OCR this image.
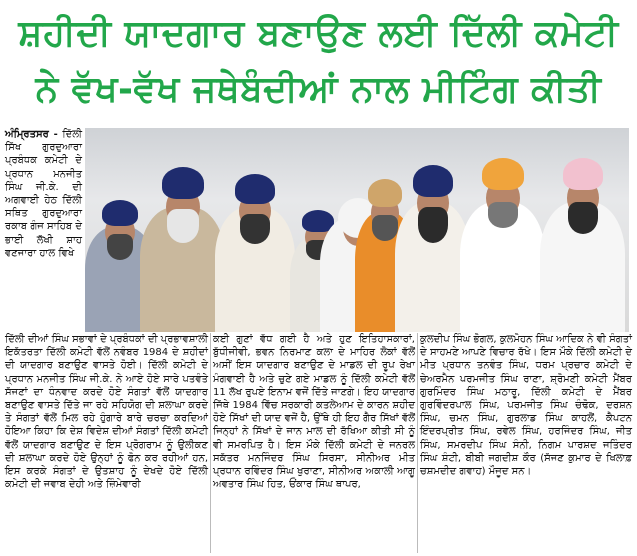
ਸ਼ਹੀਦੀ ਯਾਦਗਾਰ ਬਣਾਉਣ ਲਈ ਦਿੱਲੀ ਕਮੇਟੀ
ਨੇ ਵੱਖ-ਵੱਖ ਜਥੇਬੰਦੀਆਂ ਨਾਲ ਮੀਟਿੰਗ ਕੀਤੀ
ਅੰਮ੍ਰਿਤਸਰ - ਦਿੱਲੀ ਸਿੱਖ ਗੁਰਦੁਆਰਾ ਪ੍ਰਬੰਧਕ ਕਮੇਟੀ ਦੇ ਪ੍ਰਧਾਨ ਮਨਜੀਤ ਸਿੰਘ ਜੀ.ਕੇ. ਦੀ ਅਗਵਾਈ ਹੇਠ ਦਿੱਲੀ ਸਥਿਤ ਗੁਰਦੁਆਰਾ ਰਕਾਬ ਗੰਜ ਸਾਹਿਬ ਦੇ ਭਾਈ ਲੱਖੀ ਸ਼ਾਹ ਵਣਜਾਰਾ ਹਾਲ ਵਿਖੇ
ਦਿੱਲੀ ਦੀਆਂ ਸਿੰਘ ਸਭਾਵਾਂ ਦੇ ਪ੍ਰਬੰਧਕਾਂ ਦੀ ਪ੍ਰਭਾਵਸ਼ਾਲੀ ਇਕੱਤਰਤਾ ਦਿੱਲੀ ਕਮੇਟੀ ਵੱਲੋਂ ਨਵੰਬਰ 1984 ਦੇ ਸ਼ਹੀਦਾਂ ਦੀ ਯਾਦਗਾਰ ਬਣਾਉਣ ਵਾਸਤੇ ਹੋਈ। ਦਿੱਲੀ ਕਮੇਟੀ ਦੇ ਪ੍ਰਧਾਨ ਮਨਜੀਤ ਸਿੰਘ ਜੀ.ਕੇ. ਨੇ ਆਏ ਹੋਏ ਸਾਰੇ ਪਤਵੰਤੇ ਸੱਜਣਾਂ ਦਾ ਧੰਨਵਾਦ ਕਰਦੇ ਹੋਏ ਸੰਗਤਾਂ ਵੱਲੋਂ ਯਾਦਗਾਰ ਬਣਾਉਣ ਵਾਸਤੇ ਦਿੱਤੇ ਜਾ ਰਹੇ ਸਹਿਯੋਗ ਦੀ ਸ਼ਲਾਘਾ ਕਰਦੇ ਤੇ ਸੰਗਤਾਂ ਵੱਲੋਂ ਮਿਲ ਰਹੇ ਹੁੰਗਾਰੇ ਬਾਰੇ ਚਰਚਾ ਕਰਦਿਆਂ ਹੋਇਆ ਕਿਹਾ ਕਿ ਦੇਸ਼ ਵਿਦੇਸ਼ ਦੀਆਂ ਸੰਗਤਾਂ ਦਿੱਲੀ ਕਮੇਟੀ ਵੱਲੋਂ ਯਾਦਗਾਰ ਬਣਾਉਣ ਦੇ ਇਸ ਪ੍ਰੋਗਰਾਮ ਨੂੰ ਉਲੀਕਣ ਦੀ ਸ਼ਲਾਘਾ ਕਰਦੇ ਹੋਏ ਉਨ੍ਹਾਂ ਨੂੰ ਫੋਨ ਕਰ ਰਹੀਆਂ ਹਨ, ਇਸ ਕਰਕੇ ਸੰਗਤਾਂ ਦੇ ਉਤਸ਼ਾਹ ਨੂੰ ਦੇਖਦੇ ਹੋਏ ਦਿੱਲੀ ਕਮੇਟੀ ਦੀ ਜਵਾਬ ਦੇਹੀ ਅਤੇ ਜ਼ਿੰਮੇਵਾਰੀ
ਕਈ ਗੁਣਾਂ ਵੱਧ ਗਈ ਹੈ ਅਤੇ ਹੁਣ ਇਤਿਹਾਸਕਾਰਾਂ, ਬੁੱਧੀਜੀਵੀ, ਭਵਨ ਨਿਰਮਾਣ ਕਲਾ ਦੇ ਮਾਹਿਰ ਲੋਕਾਂ ਵੱਲੋਂ ਅਸੀਂ ਇਸ ਯਾਦਗਾਰ ਬਣਾਉਣ ਦੇ ਮਾਡਲ ਦੀ ਰੂਪ ਰੇਖਾ ਮੰਗਵਾਈ ਹੈ ਅਤੇ ਚੁਣੇ ਗਏ ਮਾਡਲ ਨੂੰ ਦਿੱਲੀ ਕਮੇਟੀ ਵੱਲੋਂ 11 ਲੱਖ ਰੁਪਏ ਇਨਾਮ ਵਜੋਂ ਦਿੱਤੇ ਜਾਣਗੇ। ਇਹ ਯਾਦਗਾਰ ਜਿੱਥੇ 1984 ਵਿੱਚ ਸਰਕਾਰੀ ਕਤਲੇਆਮ ਦੇ ਕਾਰਨ ਸ਼ਹੀਦ ਹੋਏ ਸਿੱਖਾਂ ਦੀ ਯਾਦ ਵਜੋਂ ਹੈ, ਉੱਥੇ ਹੀ ਇਹ ਗੈਰ ਸਿੱਖਾਂ ਵੱਲੋਂ ਜਿਨ੍ਹਾਂ ਨੇ ਸਿੱਖਾਂ ਦੇ ਜਾਨ ਮਾਲ ਦੀ ਰੱਖਿਆ ਕੀਤੀ ਸੀ ਨੂੰ ਵੀ ਸਮਰਪਿਤ ਹੈ। ਇਸ ਮੌਕੇ ਦਿੱਲੀ ਕਮੇਟੀ ਦੇ ਜਨਰਲ ਸਕੱਤਰ ਮਨਜਿੰਦਰ ਸਿੰਘ ਸਿਰਸਾ, ਸੀਨੀਅਰ ਮੀਤ ਪ੍ਰਧਾਨ ਰਵਿੰਦਰ ਸਿੰਘ ਖੁਰਾਣਾ, ਸੀਨੀਅਰ ਅਕਾਲੀ ਆਗੂ ਅਵਤਾਰ ਸਿੰਘ ਹਿਤ, ਓਂਕਾਰ ਸਿੰਘ ਥਾਪਰ,
ਕੁਲਦੀਪ ਸਿੰਘ ਭੋਗਲ, ਕੁਲਮੋਹਨ ਸਿੰਘ ਆਦਿਕ ਨੇ ਵੀ ਸੰਗਤਾਂ ਦੇ ਸਾਹਮਣੇ ਆਪਣੇ ਵਿਚਾਰ ਰੱਖੇ। ਇਸ ਮੌਕੇ ਦਿੱਲੀ ਕਮੇਟੀ ਦੇ ਮੀਤ ਪ੍ਰਧਾਨ ਤਨਵੰਤ ਸਿੰਘ, ਧਰਮ ਪ੍ਰਚਾਰ ਕਮੇਟੀ ਦੇ ਚੇਅਰਮੈਨ ਪਰਮਜੀਤ ਸਿੰਘ ਰਾਣਾ, ਸ਼੍ਰੋਮਣੀ ਕਮੇਟੀ ਮੈਂਬਰ ਗੁਰਮਿੰਦਰ ਸਿੰਘ ਮਠਾਰੂ, ਦਿੱਲੀ ਕਮੇਟੀ ਦੇ ਮੈਂਬਰ ਗੁਰਵਿੰਦਰਪਾਲ ਸਿੰਘ, ਪਰਮਜੀਤ ਸਿੰਘ ਚੰਢੋਕ, ਦਰਸ਼ਨ ਸਿੰਘ, ਚਮਨ ਸਿੰਘ, ਗੁਰਲਾਡ ਸਿੰਘ ਕਾਹਲੋਂ, ਕੈਪਟਨ ਇੰਦਰਪ੍ਰੀਤ ਸਿੰਘ, ਰਵੇਲ ਸਿੰਘ, ਹਰਜਿੰਦਰ ਸਿੰਘ, ਜੀਤ ਸਿੰਘ, ਸਮਰਦੀਪ ਸਿੰਘ ਸੰਨੀ, ਨਿਗਮ ਪਾਰਸ਼ਦ ਜਤਿੰਦਰ ਸਿੰਘ ਸ਼ੰਟੀ, ਬੀਬੀ ਜਗਦੀਸ਼ ਕੌਰ (ਸੱਜਣ ਕੁਮਾਰ ਦੇ ਖਿਲਾਫ਼ ਚਸ਼ਮਦੀਦ ਗਵਾਹ) ਮੌਜੂਦ ਸਨ।
